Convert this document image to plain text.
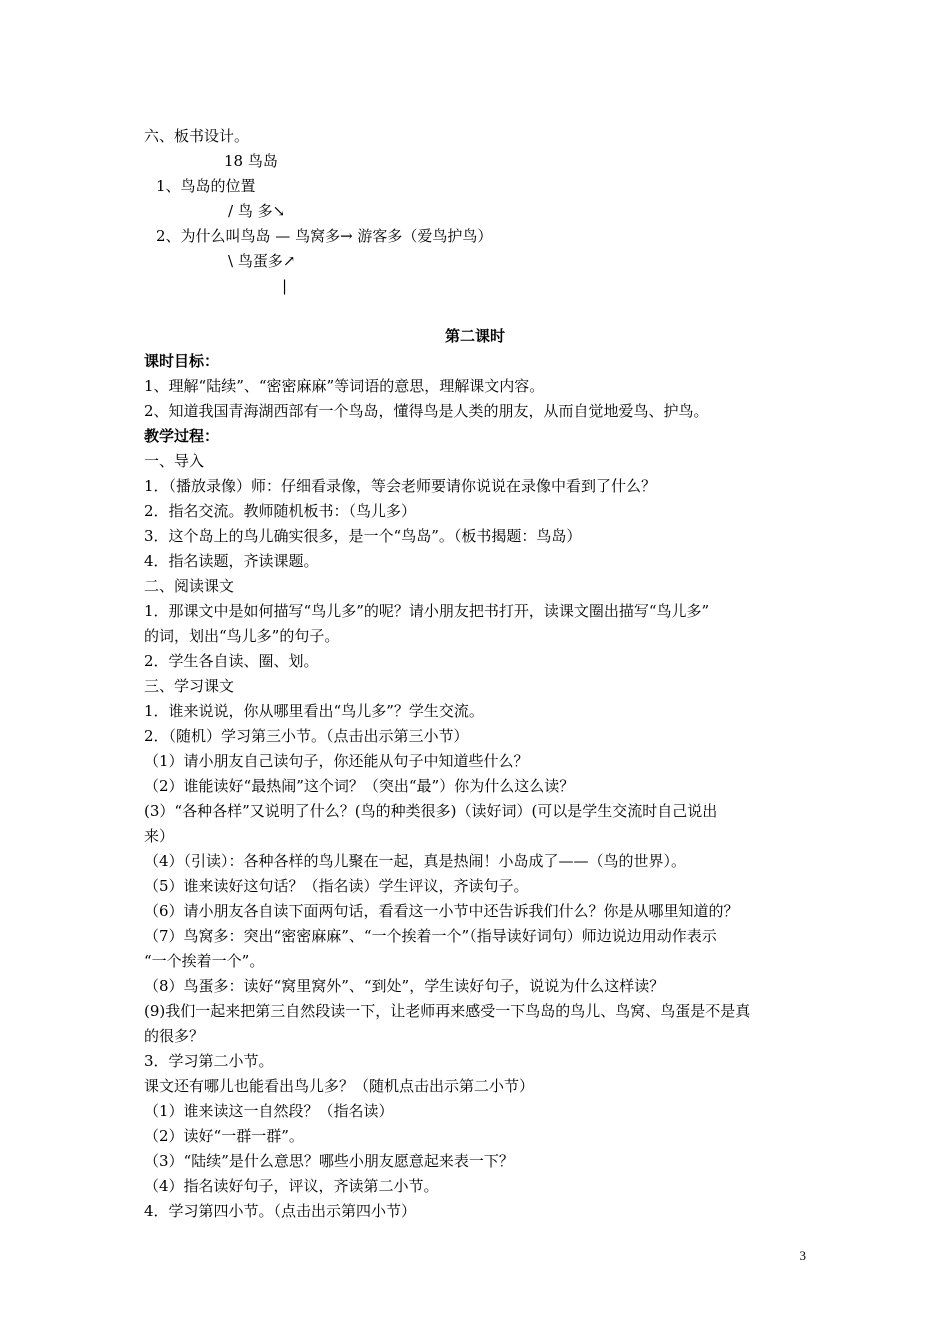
六、板书设计。
18 鸟岛
1、鸟岛的位置
/ 鸟 多↘
2、为什么叫鸟岛 — 鸟窝多→ 游客多（爱鸟护鸟）
\ 鸟蛋多↗
|
第二课时
课时目标：
1、理解“陆续”、“密密麻麻”等词语的意思，理解课文内容。
2、知道我国青海湖西部有一个鸟岛，懂得鸟是人类的朋友，从而自觉地爱鸟、护鸟。
教学过程：
一、导入
1．（播放录像）师：仔细看录像，等会老师要请你说说在录像中看到了什么？
2．指名交流。教师随机板书：（鸟儿多）
3．这个岛上的鸟儿确实很多，是一个“鸟岛”。（板书揭题：鸟岛）
4．指名读题，齐读课题。
二、阅读课文
1．那课文中是如何描写“鸟儿多”的呢？请小朋友把书打开，读课文圈出描写“鸟儿多”
的词，划出“鸟儿多”的句子。
2．学生各自读、圈、划。
三、学习课文
1．谁来说说，你从哪里看出“鸟儿多”？学生交流。
2．（随机）学习第三小节。（点击出示第三小节）
（1）请小朋友自己读句子，你还能从句子中知道些什么？
（2）谁能读好“最热闹”这个词？（突出“最”）你为什么这么读？
(3）“各种各样”又说明了什么？(鸟的种类很多)（读好词）(可以是学生交流时自己说出
来）
（4）（引读）：各种各样的鸟儿聚在一起，真是热闹！小岛成了——（鸟的世界）。
（5）谁来读好这句话？（指名读）学生评议，齐读句子。
（6）请小朋友各自读下面两句话，看看这一小节中还告诉我们什么？你是从哪里知道的？
（7）鸟窝多：突出“密密麻麻”、“一个挨着一个”（指导读好词句）师边说边用动作表示
“一个挨着一个”。
（8）鸟蛋多：读好“窝里窝外”、“到处”，学生读好句子，说说为什么这样读？
(9)我们一起来把第三自然段读一下，让老师再来感受一下鸟岛的鸟儿、鸟窝、鸟蛋是不是真
的很多？
3．学习第二小节。
课文还有哪儿也能看出鸟儿多？（随机点击出示第二小节）
（1）谁来读这一自然段？（指名读）
（2）读好“一群一群”。
（3）“陆续”是什么意思？哪些小朋友愿意起来表一下？
（4）指名读好句子，评议，齐读第二小节。
4．学习第四小节。（点击出示第四小节）
3
